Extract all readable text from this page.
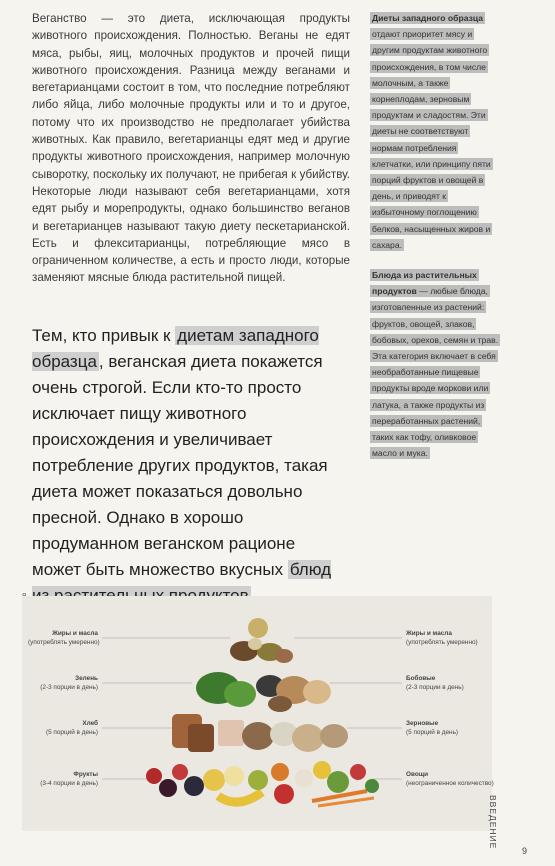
Веганство — это диета, исключающая продукты животного происхождения. Полностью. Веганы не едят мяса, рыбы, яиц, молочных продуктов и прочей пищи животного происхождения. Разница между веганами и вегетарианцами состоит в том, что последние потребляют либо яйца, либо молочные продукты или и то и другое, потому что их производство не предполагает убийства животных. Как правило, вегетарианцы едят мед и другие продукты животного происхождения, например молочную сыворотку, поскольку их получают, не прибегая к убийству. Некоторые люди называют себя вегетарианцами, хотя едят рыбу и морепродукты, однако большинство веганов и вегетарианцев называют такую диету пескетарианской. Есть и флекситарианцы, потребляющие мясо в ограниченном количестве, а есть и просто люди, которые заменяют мясные блюда растительной пищей.

Тем, кто привык к диетам западного образца , веганская диета покажется очень строгой. Если кто-то просто исключает пищу животного происхождения и увеличивает потребление других продуктов, такая диета может показаться довольно пресной. Однако в хорошо продуманном веганском рационе может быть множество вкусных блюд

Диеты западного образца отдают приоритет мясу и другим продуктам животного происхождения, в том числе молочным, а также корнеплодам, зерновым продуктам и сладостям. Эти диеты не соответствуют нормам потребления клетчатки, или принципу пяти порций фруктов и овощей в день, и приводят к избыточному поглощению белков, насыщенных жиров и сахара.

Блюда из растительных продуктов — любые блюда, изготовленные из растений: фруктов, овощей, злаков, бобовых, орехов, семян и трав. Эта категория включает в себя необработанные пищевые продукты вроде моркови или латука, а также продукты из переработанных растений, таких как тофу, оливковое масло и мука.

Жиры и масла
(употреблять умеренно)
Зелень
(2-3 порции в день)
Хлеб
(5 порций в день)
Фрукты
(3-4 порции в день)
Жиры и масла
(употреблять умеренно)
Бобовые
(2-3 порции в день)
Зерновые
(5 порций в день)
Овощи
(неограниченное количество)
ВВЕДЕНИЕ
9
